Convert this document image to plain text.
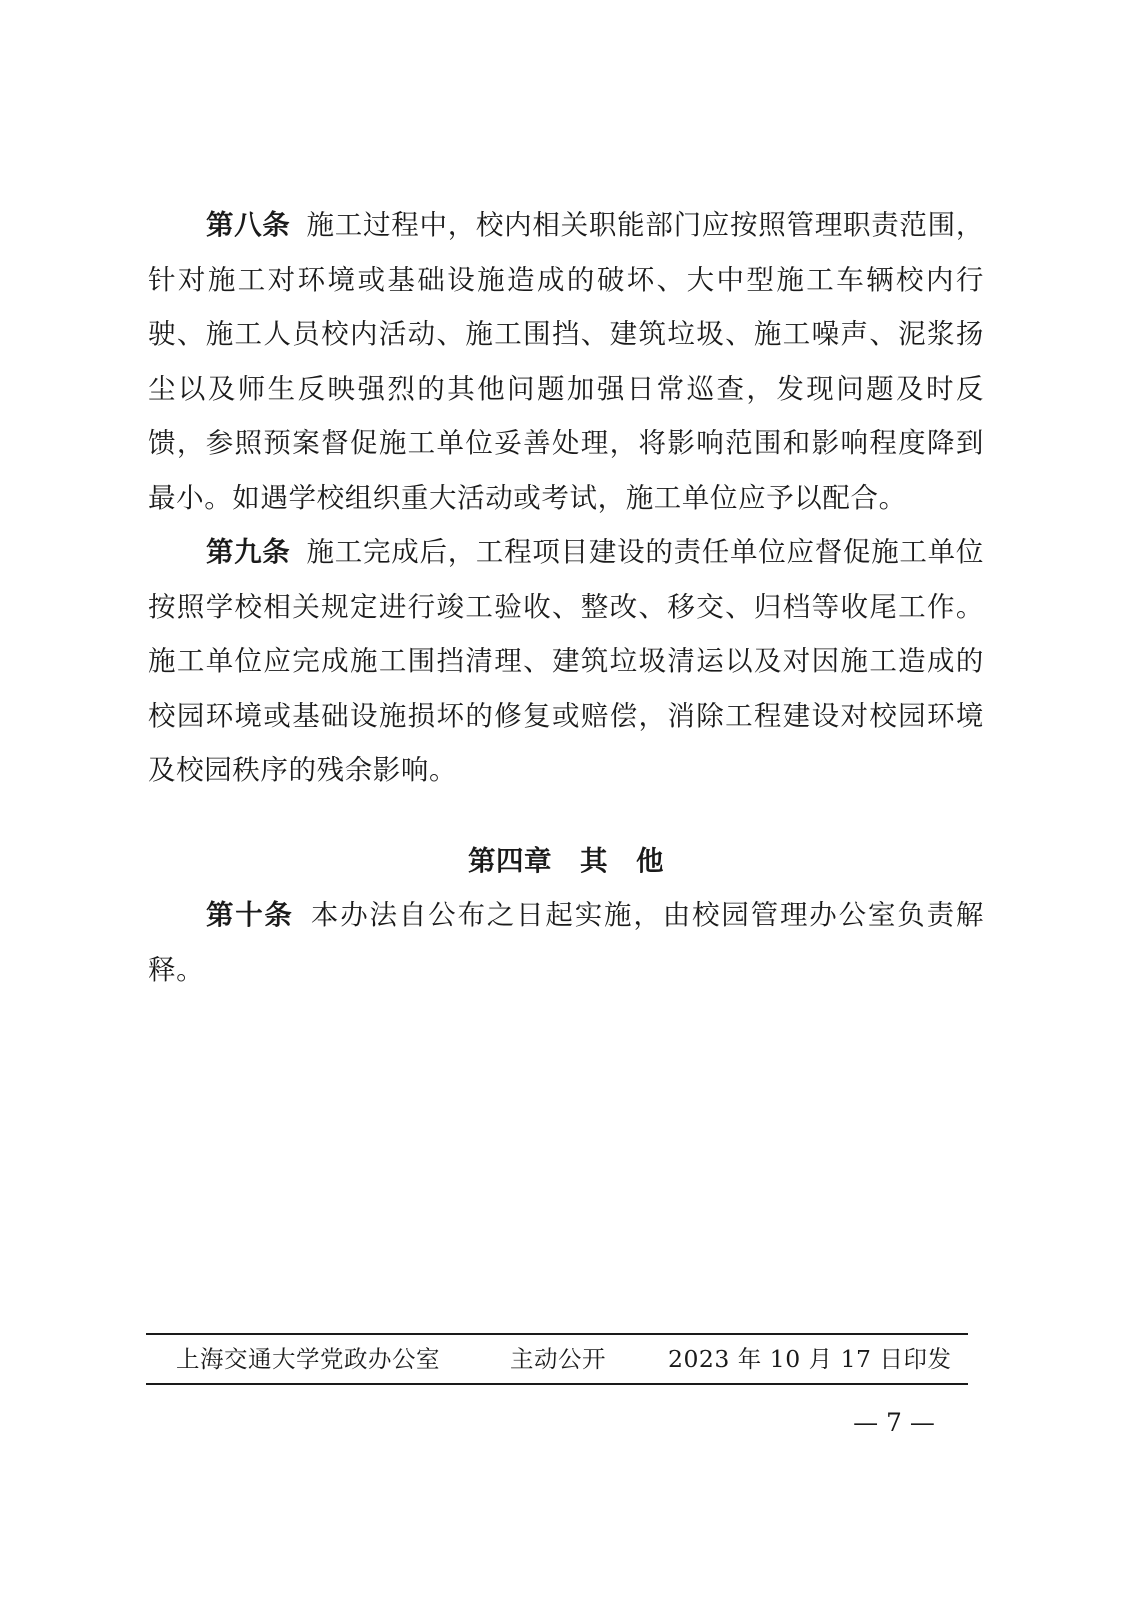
第八条 施工过程中，校内相关职能部门应按照管理职责范围，针对施工对环境或基础设施造成的破坏、大中型施工车辆校内行驶、施工人员校内活动、施工围挡、建筑垃圾、施工噪声、泥浆扬尘以及师生反映强烈的其他问题加强日常巡查，发现问题及时反馈，参照预案督促施工单位妥善处理，将影响范围和影响程度降到最小。如遇学校组织重大活动或考试，施工单位应予以配合。

第九条 施工完成后，工程项目建设的责任单位应督促施工单位按照学校相关规定进行竣工验收、整改、移交、归档等收尾工作。施工单位应完成施工围挡清理、建筑垃圾清运以及对因施工造成的校园环境或基础设施损坏的修复或赔偿，消除工程建设对校园环境及校园秩序的残余影响。

第四章　其　他

第十条 本办法自公布之日起实施，由校园管理办公室负责解释。

上海交通大学党政办公室	主动公开	2023 年 10 月 17 日印发
— 7 —
